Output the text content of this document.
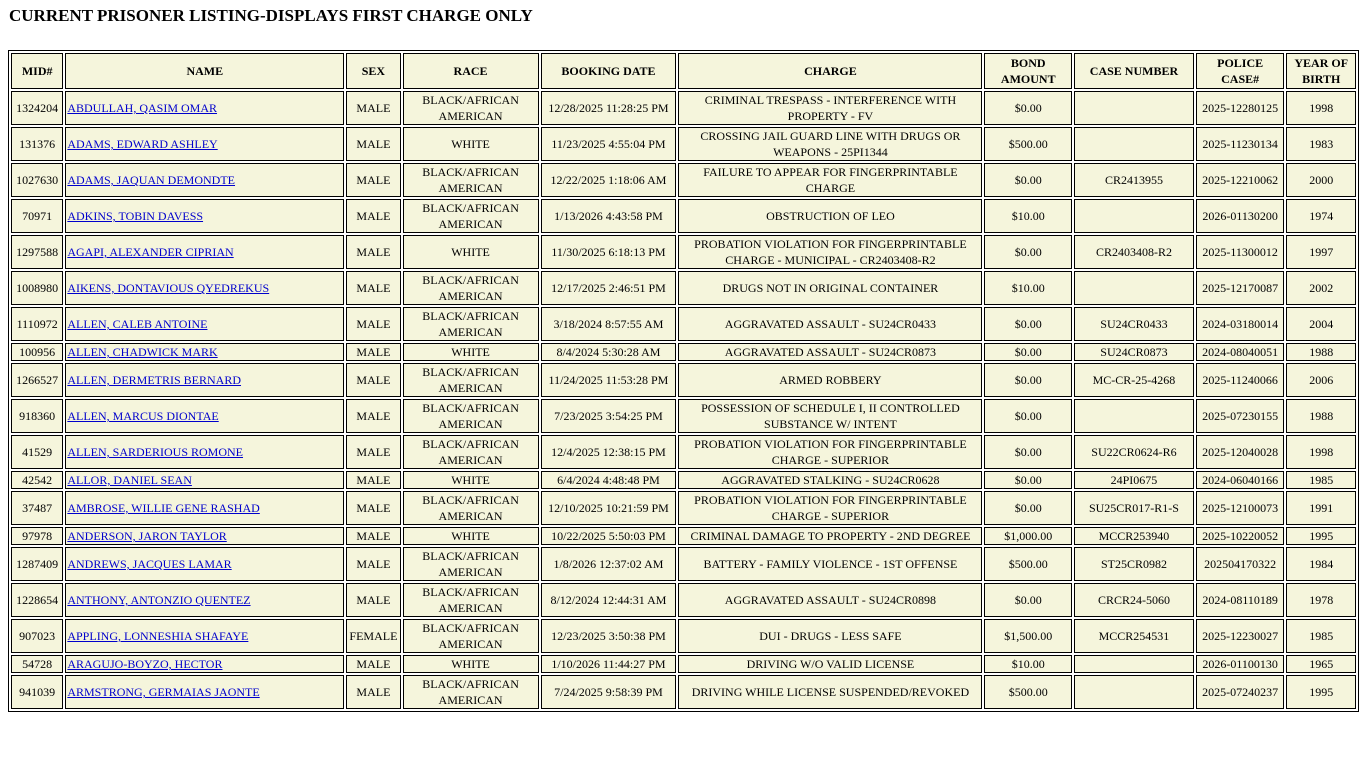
CURRENT PRISONER LISTING-DISPLAYS FIRST CHARGE ONLY
MID#	NAME	SEX	RACE	BOOKING DATE	CHARGE	BOND AMOUNT	CASE NUMBER	POLICE CASE#	YEAR OF BIRTH
1324204	ABDULLAH, QASIM OMAR	MALE	BLACK/AFRICAN AMERICAN	12/28/2025 11:28:25 PM	CRIMINAL TRESPASS - INTERFERENCE WITH PROPERTY - FV	$0.00		2025-12280125	1998
131376	ADAMS, EDWARD ASHLEY	MALE	WHITE	11/23/2025 4:55:04 PM	CROSSING JAIL GUARD LINE WITH DRUGS OR WEAPONS - 25PI1344	$500.00		2025-11230134	1983
1027630	ADAMS, JAQUAN DEMONDTE	MALE	BLACK/AFRICAN AMERICAN	12/22/2025 1:18:06 AM	FAILURE TO APPEAR FOR FINGERPRINTABLE CHARGE	$0.00	CR2413955	2025-12210062	2000
70971	ADKINS, TOBIN DAVESS	MALE	BLACK/AFRICAN AMERICAN	1/13/2026 4:43:58 PM	OBSTRUCTION OF LEO	$10.00		2026-01130200	1974
1297588	AGAPI, ALEXANDER CIPRIAN	MALE	WHITE	11/30/2025 6:18:13 PM	PROBATION VIOLATION FOR FINGERPRINTABLE CHARGE - MUNICIPAL - CR2403408-R2	$0.00	CR2403408-R2	2025-11300012	1997
1008980	AIKENS, DONTAVIOUS QYEDREKUS	MALE	BLACK/AFRICAN AMERICAN	12/17/2025 2:46:51 PM	DRUGS NOT IN ORIGINAL CONTAINER	$10.00		2025-12170087	2002
1110972	ALLEN, CALEB ANTOINE	MALE	BLACK/AFRICAN AMERICAN	3/18/2024 8:57:55 AM	AGGRAVATED ASSAULT - SU24CR0433	$0.00	SU24CR0433	2024-03180014	2004
100956	ALLEN, CHADWICK MARK	MALE	WHITE	8/4/2024 5:30:28 AM	AGGRAVATED ASSAULT - SU24CR0873	$0.00	SU24CR0873	2024-08040051	1988
1266527	ALLEN, DERMETRIS BERNARD	MALE	BLACK/AFRICAN AMERICAN	11/24/2025 11:53:28 PM	ARMED ROBBERY	$0.00	MC-CR-25-4268	2025-11240066	2006
918360	ALLEN, MARCUS DIONTAE	MALE	BLACK/AFRICAN AMERICAN	7/23/2025 3:54:25 PM	POSSESSION OF SCHEDULE I, II CONTROLLED SUBSTANCE W/ INTENT	$0.00		2025-07230155	1988
41529	ALLEN, SARDERIOUS ROMONE	MALE	BLACK/AFRICAN AMERICAN	12/4/2025 12:38:15 PM	PROBATION VIOLATION FOR FINGERPRINTABLE CHARGE - SUPERIOR	$0.00	SU22CR0624-R6	2025-12040028	1998
42542	ALLOR, DANIEL SEAN	MALE	WHITE	6/4/2024 4:48:48 PM	AGGRAVATED STALKING - SU24CR0628	$0.00	24PI0675	2024-06040166	1985
37487	AMBROSE, WILLIE GENE RASHAD	MALE	BLACK/AFRICAN AMERICAN	12/10/2025 10:21:59 PM	PROBATION VIOLATION FOR FINGERPRINTABLE CHARGE - SUPERIOR	$0.00	SU25CR017-R1-S	2025-12100073	1991
97978	ANDERSON, JARON TAYLOR	MALE	WHITE	10/22/2025 5:50:03 PM	CRIMINAL DAMAGE TO PROPERTY - 2ND DEGREE	$1,000.00	MCCR253940	2025-10220052	1995
1287409	ANDREWS, JACQUES LAMAR	MALE	BLACK/AFRICAN AMERICAN	1/8/2026 12:37:02 AM	BATTERY - FAMILY VIOLENCE - 1ST OFFENSE	$500.00	ST25CR0982	202504170322	1984
1228654	ANTHONY, ANTONZIO QUENTEZ	MALE	BLACK/AFRICAN AMERICAN	8/12/2024 12:44:31 AM	AGGRAVATED ASSAULT - SU24CR0898	$0.00	CRCR24-5060	2024-08110189	1978
907023	APPLING, LONNESHIA SHAFAYE	FEMALE	BLACK/AFRICAN AMERICAN	12/23/2025 3:50:38 PM	DUI - DRUGS - LESS SAFE	$1,500.00	MCCR254531	2025-12230027	1985
54728	ARAGUJO-BOYZO, HECTOR	MALE	WHITE	1/10/2026 11:44:27 PM	DRIVING W/O VALID LICENSE	$10.00		2026-01100130	1965
941039	ARMSTRONG, GERMAIAS JAONTE	MALE	BLACK/AFRICAN AMERICAN	7/24/2025 9:58:39 PM	DRIVING WHILE LICENSE SUSPENDED/REVOKED	$500.00		2025-07240237	1995
